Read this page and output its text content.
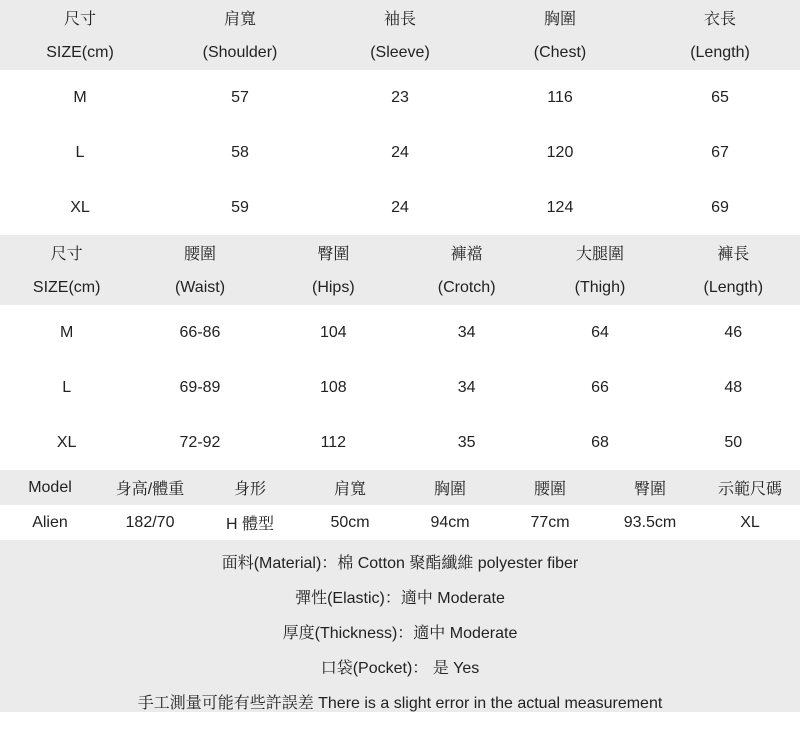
尺寸	肩寬	袖長	胸圍	衣長
SIZE(cm)	(Shoulder)	(Sleeve)	(Chest)	(Length)
M	57	23	116	65
L	58	24	120	67
XL	59	24	124	69
尺寸	腰圍	臀圍	褲襠	大腿圍	褲長
SIZE(cm)	(Waist)	(Hips)	(Crotch)	(Thigh)	(Length)
M	66-86	104	34	64	46
L	69-89	108	34	66	48
XL	72-92	112	35	68	50
Model	身高/體重	身形	肩寬	胸圍	腰圍	臀圍	示範尺碼
Alien	182/70	H 體型	50cm	94cm	77cm	93.5cm	XL
面料(Material)：棉 Cotton 聚酯纖維 polyester fiber
彈性(Elastic)：適中 Moderate
厚度(Thickness)：適中 Moderate
口袋(Pocket)： 是 Yes
手工測量可能有些許誤差 There is a slight error in the actual measurement
